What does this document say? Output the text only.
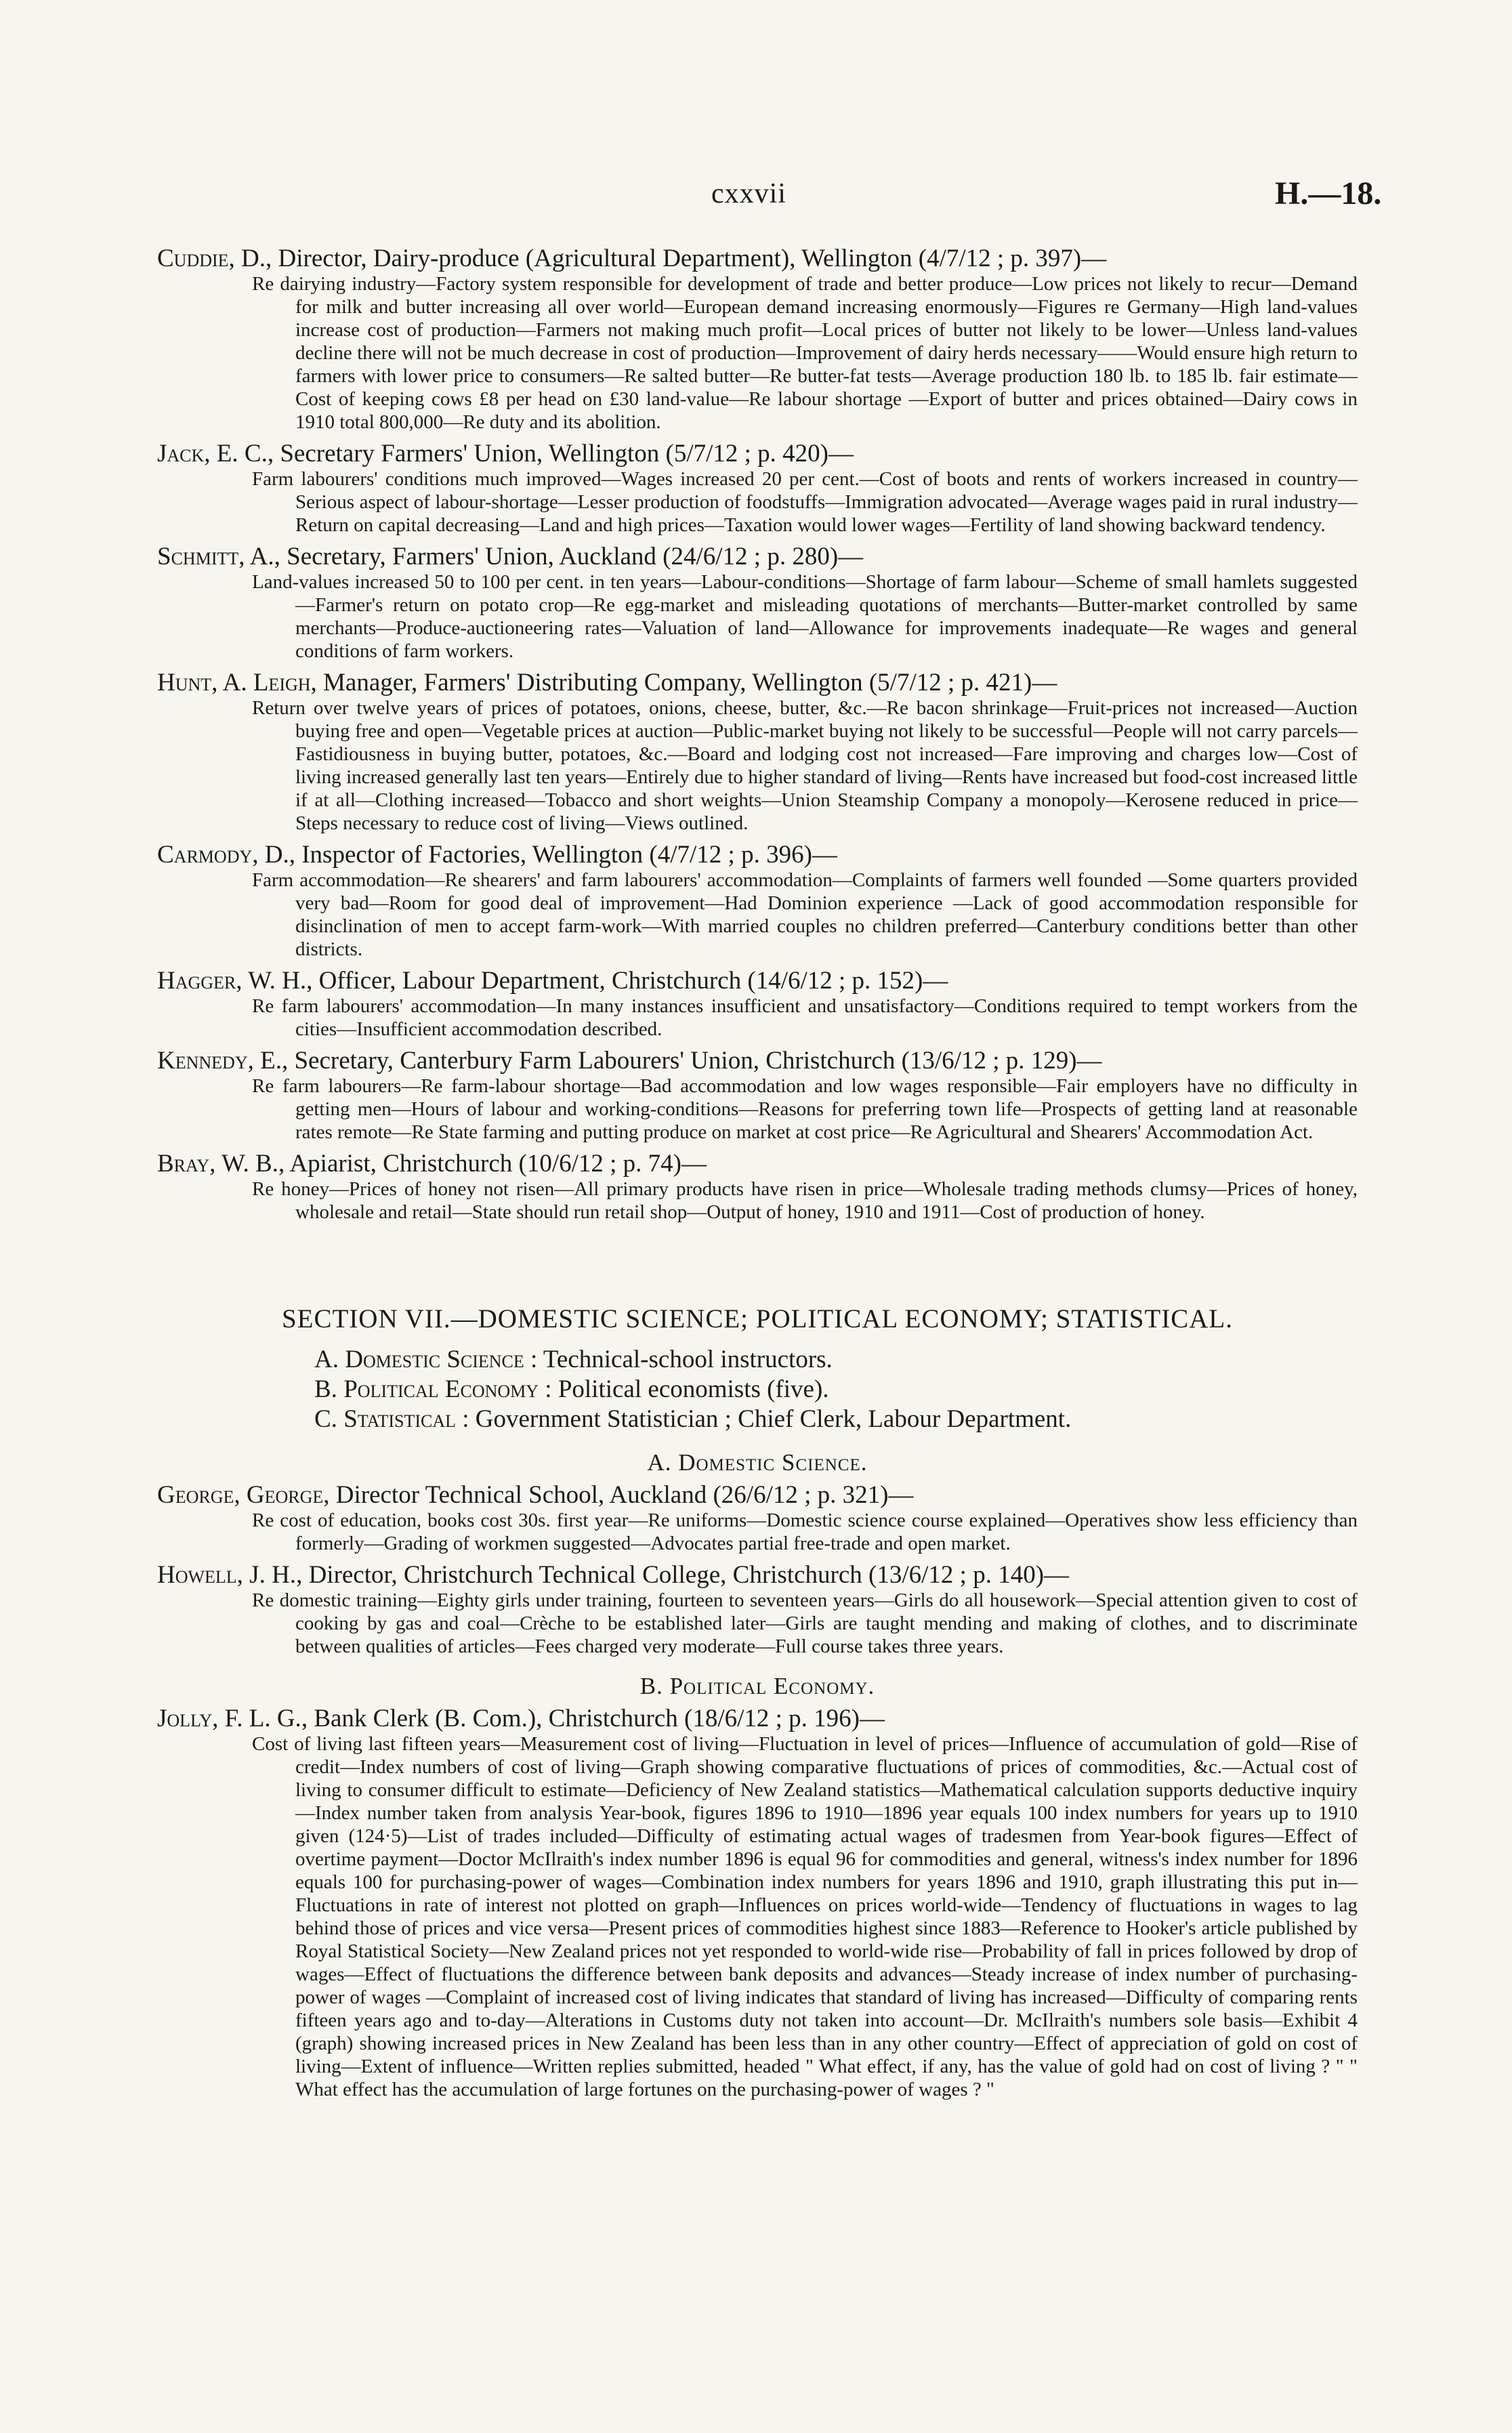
cxxvii	H.—18.

Cuddie, D., Director, Dairy-produce (Agricultural Department), Wellington (4/7/12 ; p. 397)—

Re dairying industry—Factory system responsible for development of trade and better produce—Low prices not likely to recur—Demand for milk and butter increasing all over world—European demand increasing enormously—Figures re Germany—High land-values increase cost of production—Farmers not making much profit—Local prices of butter not likely to be lower—Unless land-values decline there will not be much decrease in cost of production—Improvement of dairy herds necessary——Would ensure high return to farmers with lower price to consumers—Re salted butter—Re butter-fat tests—Average production 180 lb. to 185 lb. fair estimate—Cost of keeping cows £8 per head on £30 land-value—Re labour shortage —Export of butter and prices obtained—Dairy cows in 1910 total 800,000—Re duty and its abolition.

Jack, E. C., Secretary Farmers' Union, Wellington (5/7/12 ; p. 420)—

Farm labourers' conditions much improved—Wages increased 20 per cent.—Cost of boots and rents of workers increased in country—Serious aspect of labour-shortage—Lesser production of foodstuffs—Immigration advocated—Average wages paid in rural industry—Return on capital decreasing—Land and high prices—Taxation would lower wages—Fertility of land showing backward tendency.

Schmitt, A., Secretary, Farmers' Union, Auckland (24/6/12 ; p. 280)—

Land-values increased 50 to 100 per cent. in ten years—Labour-conditions—Shortage of farm labour—Scheme of small hamlets suggested—Farmer's return on potato crop—Re egg-market and misleading quotations of merchants—Butter-market controlled by same merchants—Produce-auctioneering rates—Valuation of land—Allowance for improvements inadequate—Re wages and general conditions of farm workers.

Hunt, A. Leigh, Manager, Farmers' Distributing Company, Wellington (5/7/12 ; p. 421)—

Return over twelve years of prices of potatoes, onions, cheese, butter, &c.—Re bacon shrinkage—Fruit-prices not increased—Auction buying free and open—Vegetable prices at auction—Public-market buying not likely to be successful—People will not carry parcels—Fastidiousness in buying butter, potatoes, &c.—Board and lodging cost not increased—Fare improving and charges low—Cost of living increased generally last ten years—Entirely due to higher standard of living—Rents have increased but food-cost increased little if at all—Clothing increased—Tobacco and short weights—Union Steamship Company a monopoly—Kerosene reduced in price—Steps necessary to reduce cost of living—Views outlined.

Carmody, D., Inspector of Factories, Wellington (4/7/12 ; p. 396)—

Farm accommodation—Re shearers' and farm labourers' accommodation—Complaints of farmers well founded —Some quarters provided very bad—Room for good deal of improvement—Had Dominion experience —Lack of good accommodation responsible for disinclination of men to accept farm-work—With married couples no children preferred—Canterbury conditions better than other districts.

Hagger, W. H., Officer, Labour Department, Christchurch (14/6/12 ; p. 152)—

Re farm labourers' accommodation—In many instances insufficient and unsatisfactory—Conditions required to tempt workers from the cities—Insufficient accommodation described.

Kennedy, E., Secretary, Canterbury Farm Labourers' Union, Christchurch (13/6/12 ; p. 129)—

Re farm labourers—Re farm-labour shortage—Bad accommodation and low wages responsible—Fair employers have no difficulty in getting men—Hours of labour and working-conditions—Reasons for preferring town life—Prospects of getting land at reasonable rates remote—Re State farming and putting produce on market at cost price—Re Agricultural and Shearers' Accommodation Act.

Bray, W. B., Apiarist, Christchurch (10/6/12 ; p. 74)—

Re honey—Prices of honey not risen—All primary products have risen in price—Wholesale trading methods clumsy—Prices of honey, wholesale and retail—State should run retail shop—Output of honey, 1910 and 1911—Cost of production of honey.

SECTION VII.—DOMESTIC SCIENCE; POLITICAL ECONOMY; STATISTICAL.
A. Domestic Science : Technical-school instructors.
B. Political Economy : Political economists (five).
C. Statistical : Government Statistician ; Chief Clerk, Labour Department.
A. Domestic Science.

George, George, Director Technical School, Auckland (26/6/12 ; p. 321)—

Re cost of education, books cost 30s. first year—Re uniforms—Domestic science course explained—Operatives show less efficiency than formerly—Grading of workmen suggested—Advocates partial free-trade and open market.

Howell, J. H., Director, Christchurch Technical College, Christchurch (13/6/12 ; p. 140)—

Re domestic training—Eighty girls under training, fourteen to seventeen years—Girls do all housework—Special attention given to cost of cooking by gas and coal—Crèche to be established later—Girls are taught mending and making of clothes, and to discriminate between qualities of articles—Fees charged very moderate—Full course takes three years.

B. Political Economy.

Jolly, F. L. G., Bank Clerk (B. Com.), Christchurch (18/6/12 ; p. 196)—

Cost of living last fifteen years—Measurement cost of living—Fluctuation in level of prices—Influence of accumulation of gold—Rise of credit—Index numbers of cost of living—Graph showing comparative fluctuations of prices of commodities, &c.—Actual cost of living to consumer difficult to estimate—Deficiency of New Zealand statistics—Mathematical calculation supports deductive inquiry—Index number taken from analysis Year-book, figures 1896 to 1910—1896 year equals 100 index numbers for years up to 1910 given (124·5)—List of trades included—Difficulty of estimating actual wages of tradesmen from Year-book figures—Effect of overtime payment—Doctor McIlraith's index number 1896 is equal 96 for commodities and general, witness's index number for 1896 equals 100 for purchasing-power of wages—Combination index numbers for years 1896 and 1910, graph illustrating this put in—Fluctuations in rate of interest not plotted on graph—Influences on prices world-wide—Tendency of fluctuations in wages to lag behind those of prices and vice versa—Present prices of commodities highest since 1883—Reference to Hooker's article published by Royal Statistical Society—New Zealand prices not yet responded to world-wide rise—Probability of fall in prices followed by drop of wages—Effect of fluctuations the difference between bank deposits and advances—Steady increase of index number of purchasing-power of wages —Complaint of increased cost of living indicates that standard of living has increased—Difficulty of comparing rents fifteen years ago and to-day—Alterations in Customs duty not taken into account—Dr. McIlraith's numbers sole basis—Exhibit 4 (graph) showing increased prices in New Zealand has been less than in any other country—Effect of appreciation of gold on cost of living—Extent of influence—Written replies submitted, headed " What effect, if any, has the value of gold had on cost of living ? " " What effect has the accumulation of large fortunes on the purchasing-power of wages ? "
